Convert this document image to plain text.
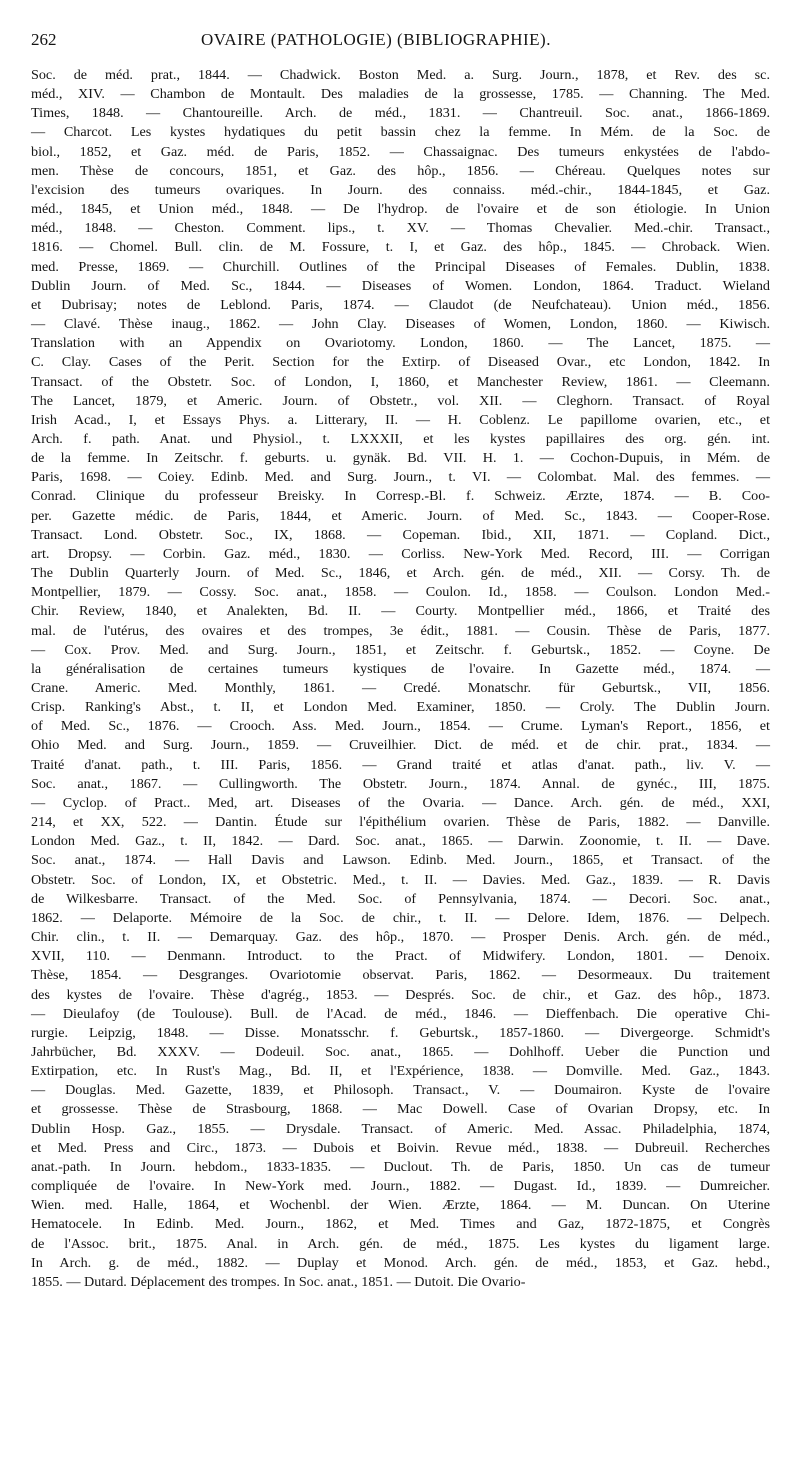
262	OVAIRE (PATHOLOGIE) (BIBLIOGRAPHIE).
Soc. de méd. prat., 1844. — Chadwick. Boston Med. a. Surg. Journ., 1878, et Rev. des sc.
méd., XIV. — Chambon de Montault. Des maladies de la grossesse, 1785. — Channing. The Med.
Times, 1848. — Chantoureille. Arch. de méd., 1831. — Chantreuil. Soc. anat., 1866-1869.
— Charcot. Les kystes hydatiques du petit bassin chez la femme. In Mém. de la Soc. de
biol., 1852, et Gaz. méd. de Paris, 1852. — Chassaignac. Des tumeurs enkystées de l'abdo-
men. Thèse de concours, 1851, et Gaz. des hôp., 1856. — Chéreau. Quelques notes sur
l'excision des tumeurs ovariques. In Journ. des connaiss. méd.-chir., 1844-1845, et Gaz.
méd., 1845, et Union méd., 1848. — De l'hydrop. de l'ovaire et de son étiologie. In Union
méd., 1848. — Cheston. Comment. lips., t. XV. — Thomas Chevalier. Med.-chir. Transact.,
1816. — Chomel. Bull. clin. de M. Fossure, t. I, et Gaz. des hôp., 1845. — Chroback. Wien.
med. Presse, 1869. — Churchill. Outlines of the Principal Diseases of Females. Dublin, 1838.
Dublin Journ. of Med. Sc., 1844. — Diseases of Women. London, 1864. Traduct. Wieland
et Dubrisay; notes de Leblond. Paris, 1874. — Claudot (de Neufchateau). Union méd., 1856.
— Clavé. Thèse inaug., 1862. — John Clay. Diseases of Women, London, 1860. — Kiwisch.
Translation with an Appendix on Ovariotomy. London, 1860. — The Lancet, 1875. —
C. Clay. Cases of the Perit. Section for the Extirp. of Diseased Ovar., etc London, 1842. In
Transact. of the Obstetr. Soc. of London, I, 1860, et Manchester Review, 1861. — Cleemann.
The Lancet, 1879, et Americ. Journ. of Obstetr., vol. XII. — Cleghorn. Transact. of Royal
Irish Acad., I, et Essays Phys. a. Litterary, II. — H. Coblenz. Le papillome ovarien, etc., et
Arch. f. path. Anat. und Physiol., t. LXXXII, et les kystes papillaires des org. gén. int.
de la femme. In Zeitschr. f. geburts. u. gynäk. Bd. VII. H. 1. — Cochon-Dupuis, in Mém. de
Paris, 1698. — Coiey. Edinb. Med. and Surg. Journ., t. VI. — Colombat. Mal. des femmes. —
Conrad. Clinique du professeur Breisky. In Corresp.-Bl. f. Schweiz. Ærzte, 1874. — B. Coo-
per. Gazette médic. de Paris, 1844, et Americ. Journ. of Med. Sc., 1843. — Cooper-Rose.
Transact. Lond. Obstetr. Soc., IX, 1868. — Copeman. Ibid., XII, 1871. — Copland. Dict.,
art. Dropsy. — Corbin. Gaz. méd., 1830. — Corliss. New-York Med. Record, III. — Corrigan
The Dublin Quarterly Journ. of Med. Sc., 1846, et Arch. gén. de méd., XII. — Corsy. Th. de
Montpellier, 1879. — Cossy. Soc. anat., 1858. — Coulon. Id., 1858. — Coulson. London Med.-
Chir. Review, 1840, et Analekten, Bd. II. — Courty. Montpellier méd., 1866, et Traité des
mal. de l'utérus, des ovaires et des trompes, 3e édit., 1881. — Cousin. Thèse de Paris, 1877.
— Cox. Prov. Med. and Surg. Journ., 1851, et Zeitschr. f. Geburtsk., 1852. — Coyne. De
la généralisation de certaines tumeurs kystiques de l'ovaire. In Gazette méd., 1874. —
Crane. Americ. Med. Monthly, 1861. — Credé. Monatschr. für Geburtsk., VII, 1856.
Crisp. Ranking's Abst., t. II, et London Med. Examiner, 1850. — Croly. The Dublin Journ.
of Med. Sc., 1876. — Crooch. Ass. Med. Journ., 1854. — Crume. Lyman's Report., 1856, et
Ohio Med. and Surg. Journ., 1859. — Cruveilhier. Dict. de méd. et de chir. prat., 1834. —
Traité d'anat. path., t. III. Paris, 1856. — Grand traité et atlas d'anat. path., liv. V. —
Soc. anat., 1867. — Cullingworth. The Obstetr. Journ., 1874. Annal. de gynéc., III, 1875.
— Cyclop. of Pract.. Med, art. Diseases of the Ovaria. — Dance. Arch. gén. de méd., XXI,
214, et XX, 522. — Dantin. Étude sur l'épithélium ovarien. Thèse de Paris, 1882. — Danville.
London Med. Gaz., t. II, 1842. — Dard. Soc. anat., 1865. — Darwin. Zoonomie, t. II. — Dave.
Soc. anat., 1874. — Hall Davis and Lawson. Edinb. Med. Journ., 1865, et Transact. of the
Obstetr. Soc. of London, IX, et Obstetric. Med., t. II. — Davies. Med. Gaz., 1839. — R. Davis
de Wilkesbarre. Transact. of the Med. Soc. of Pennsylvania, 1874. — Decori. Soc. anat.,
1862. — Delaporte. Mémoire de la Soc. de chir., t. II. — Delore. Idem, 1876. — Delpech.
Chir. clin., t. II. — Demarquay. Gaz. des hôp., 1870. — Prosper Denis. Arch. gén. de méd.,
XVII, 110. — Denmann. Introduct. to the Pract. of Midwifery. London, 1801. — Denoix.
Thèse, 1854. — Desgranges. Ovariotomie observat. Paris, 1862. — Desormeaux. Du traitement
des kystes de l'ovaire. Thèse d'agrég., 1853. — Després. Soc. de chir., et Gaz. des hôp., 1873.
— Dieulafoy (de Toulouse). Bull. de l'Acad. de méd., 1846. — Dieffenbach. Die operative Chi-
rurgie. Leipzig, 1848. — Disse. Monatsschr. f. Geburtsk., 1857-1860. — Divergeorge. Schmidt's
Jahrbücher, Bd. XXXV. — Dodeuil. Soc. anat., 1865. — Dohlhoff. Ueber die Punction und
Extirpation, etc. In Rust's Mag., Bd. II, et l'Expérience, 1838. — Domville. Med. Gaz., 1843.
— Douglas. Med. Gazette, 1839, et Philosoph. Transact., V. — Doumairon. Kyste de l'ovaire
et grossesse. Thèse de Strasbourg, 1868. — Mac Dowell. Case of Ovarian Dropsy, etc. In
Dublin Hosp. Gaz., 1855. — Drysdale. Transact. of Americ. Med. Assac. Philadelphia, 1874,
et Med. Press and Circ., 1873. — Dubois et Boivin. Revue méd., 1838. — Dubreuil. Recherches
anat.-path. In Journ. hebdom., 1833-1835. — Duclout. Th. de Paris, 1850. Un cas de tumeur
compliquée de l'ovaire. In New-York med. Journ., 1882. — Dugast. Id., 1839. — Dumreicher.
Wien. med. Halle, 1864, et Wochenbl. der Wien. Ærzte, 1864. — M. Duncan. On Uterine
Hematocele. In Edinb. Med. Journ., 1862, et Med. Times and Gaz, 1872-1875, et Congrès
de l'Assoc. brit., 1875. Anal. in Arch. gén. de méd., 1875. Les kystes du ligament large.
In Arch. g. de méd., 1882. — Duplay et Monod. Arch. gén. de méd., 1853, et Gaz. hebd.,
1855. — Dutard. Déplacement des trompes. In Soc. anat., 1851. — Dutoit. Die Ovario-
